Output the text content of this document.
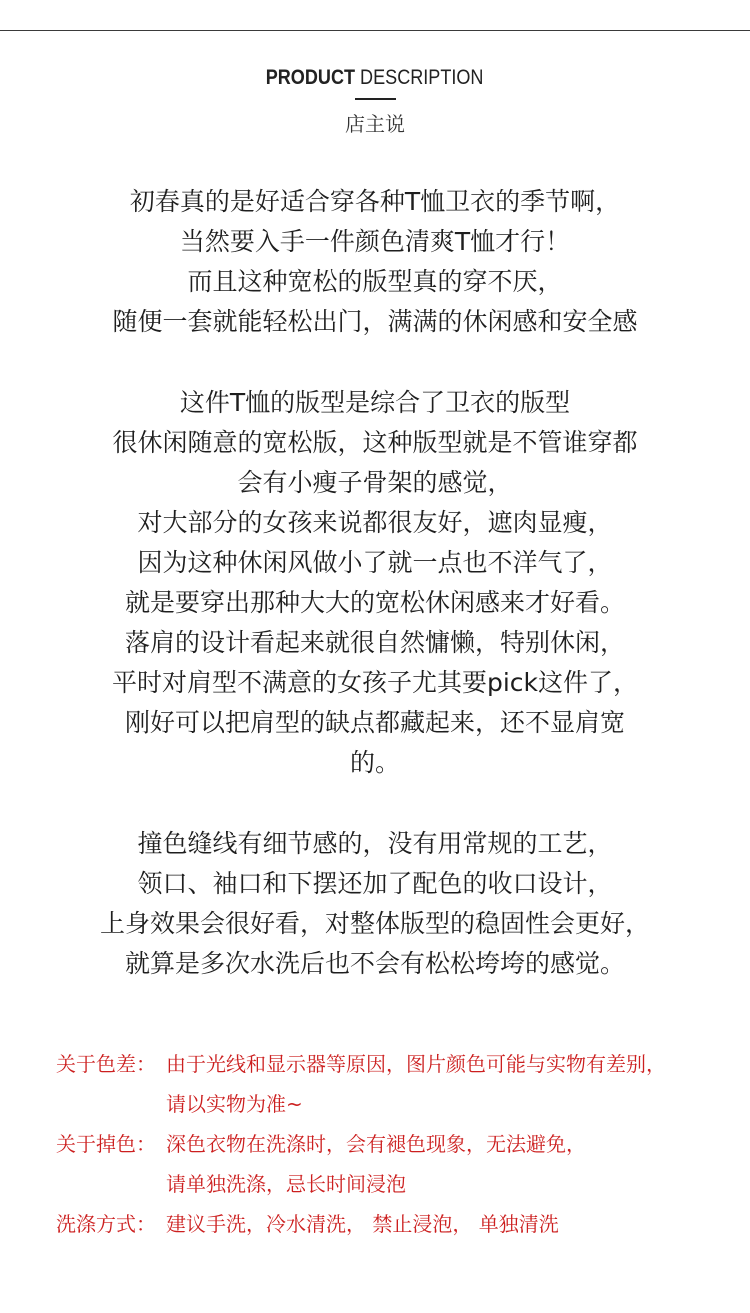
PRODUCT DESCRIPTION
店主说
初春真的是好适合穿各种T恤卫衣的季节啊，
当然要入手一件颜色清爽T恤才行！
而且这种宽松的版型真的穿不厌，
随便一套就能轻松出门，满满的休闲感和安全感
这件T恤的版型是综合了卫衣的版型
很休闲随意的宽松版，这种版型就是不管谁穿都
会有小瘦子骨架的感觉，
对大部分的女孩来说都很友好，遮肉显瘦，
因为这种休闲风做小了就一点也不洋气了，
就是要穿出那种大大的宽松休闲感来才好看。
落肩的设计看起来就很自然慵懒，特别休闲，
平时对肩型不满意的女孩子尤其要pick这件了，
刚好可以把肩型的缺点都藏起来，还不显肩宽
的。
撞色缝线有细节感的，没有用常规的工艺，
领口、袖口和下摆还加了配色的收口设计，
上身效果会很好看，对整体版型的稳固性会更好，
就算是多次水洗后也不会有松松垮垮的感觉。
关于色差： 由于光线和显示器等原因，图片颜色可能与实物有差别，
请以实物为准~
关于掉色： 深色衣物在洗涤时，会有褪色现象，无法避免，
请单独洗涤，忌长时间浸泡
洗涤方式： 建议手洗，冷水清洗， 禁止浸泡， 单独清洗
